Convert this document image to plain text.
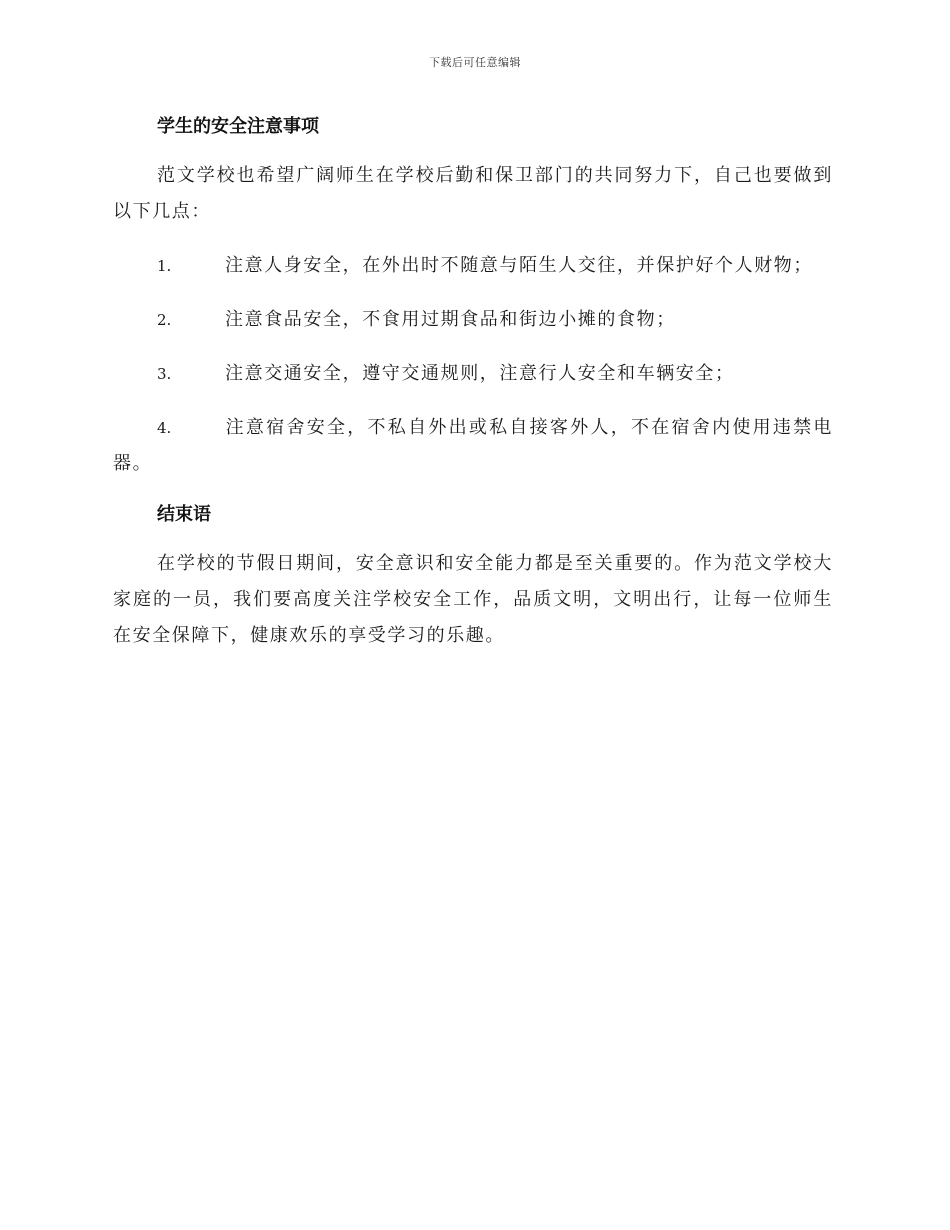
下载后可任意编辑
学生的安全注意事项

范文学校也希望广阔师生在学校后勤和保卫部门的共同努力下，自己也要做到以下几点：

1.	注意人身安全，在外出时不随意与陌生人交往，并保护好个人财物；

2.	注意食品安全，不食用过期食品和街边小摊的食物；

3.	注意交通安全，遵守交通规则，注意行人安全和车辆安全；

4.	注意宿舍安全，不私自外出或私自接客外人，不在宿舍内使用违禁电器。

结束语

在学校的节假日期间，安全意识和安全能力都是至关重要的。作为范文学校大家庭的一员，我们要高度关注学校安全工作，品质文明，文明出行，让每一位师生在安全保障下，健康欢乐的享受学习的乐趣。
